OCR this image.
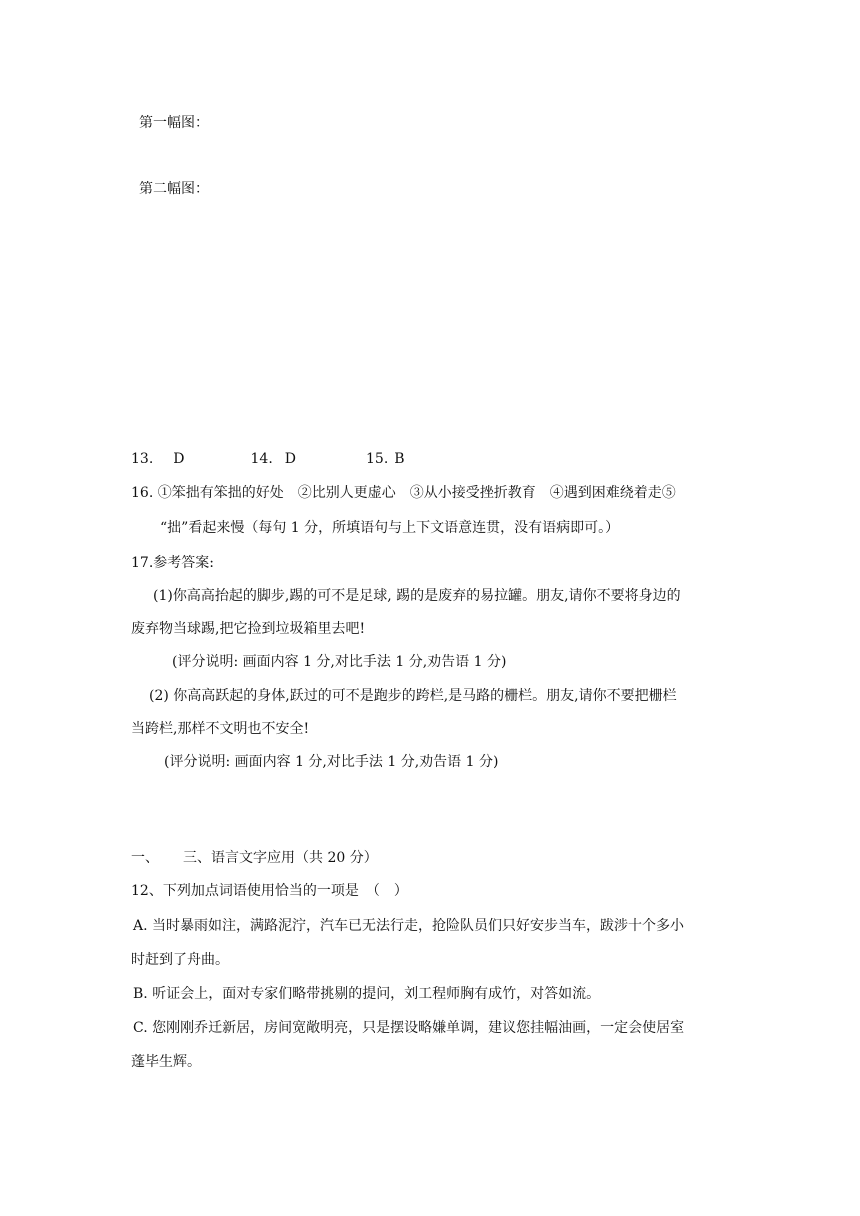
第一幅图：
第二幅图：
13. D	14. D	15. B
16. ①笨拙有笨拙的好处　②比别人更虚心　③从小接受挫折教育　④遇到困难绕着走⑤
“拙”看起来慢（每句 1 分，所填语句与上下文语意连贯，没有语病即可。）
17.参考答案:
(1)你高高抬起的脚步,踢的可不是足球, 踢的是废弃的易拉罐。朋友,请你不要将身边的
废弃物当球踢,把它捡到垃圾箱里去吧!
(评分说明: 画面内容 1 分,对比手法 1 分,劝告语 1 分)
(2) 你高高跃起的身体,跃过的可不是跑步的跨栏,是马路的栅栏。朋友,请你不要把栅栏
当跨栏,那样不文明也不安全!
(评分说明: 画面内容 1 分,对比手法 1 分,劝告语 1 分)
一、 三、语言文字应用（共 20 分）
12、下列加点词语使用恰当的一项是　（　）
A. 当时暴雨如注，满路泥泞，汽车已无法行走，抢险队员们只好安步当车，跋涉十个多小
时赶到了舟曲。
B. 听证会上，面对专家们略带挑剔的提问，刘工程师胸有成竹，对答如流。
C. 您刚刚乔迁新居，房间宽敞明亮，只是摆设略嫌单调，建议您挂幅油画，一定会使居室
蓬毕生辉。
